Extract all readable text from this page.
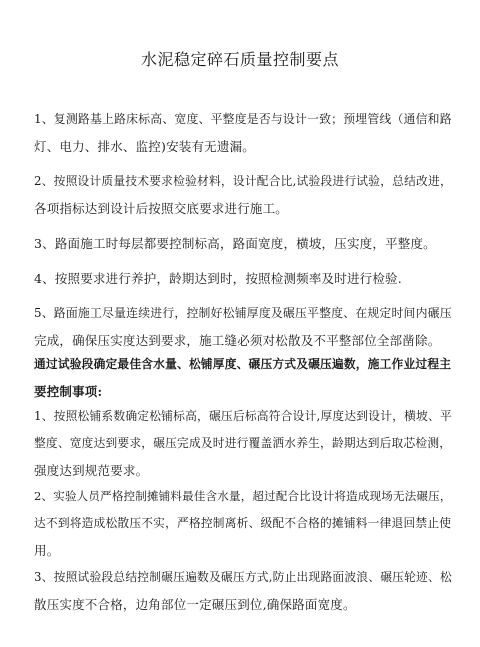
水泥稳定碎石质量控制要点
1、复测路基上路床标高、宽度、平整度是否与设计一致；预埋管线（通信和路
灯、电力、排水、监控)安装有无遗漏。
2、按照设计质量技术要求检验材料，设计配合比,试验段进行试验，总结改进，
各项指标达到设计后按照交底要求进行施工。
3、路面施工时每层都要控制标高，路面宽度，横坡，压实度，平整度。
4、按照要求进行养护，龄期达到时，按照检测频率及时进行检验.
5、路面施工尽量连续进行，控制好松铺厚度及碾压平整度、在规定时间内碾压
完成，确保压实度达到要求，施工缝必须对松散及不平整部位全部凿除。
通过试验段确定最佳含水量、松铺厚度、碾压方式及碾压遍数，施工作业过程主
要控制事项:
1、按照松铺系数确定松铺标高，碾压后标高符合设计,厚度达到设计，横坡、平
整度、宽度达到要求，碾压完成及时进行覆盖洒水养生，龄期达到后取芯检测，
强度达到规范要求。
2、实验人员严格控制摊铺料最佳含水量，超过配合比设计将造成现场无法碾压，
达不到将造成松散压不实，严格控制离析、级配不合格的摊铺料一律退回禁止使
用。
3、按照试验段总结控制碾压遍数及碾压方式,防止出现路面波浪、碾压轮迹、松
散压实度不合格，边角部位一定碾压到位,确保路面宽度。
